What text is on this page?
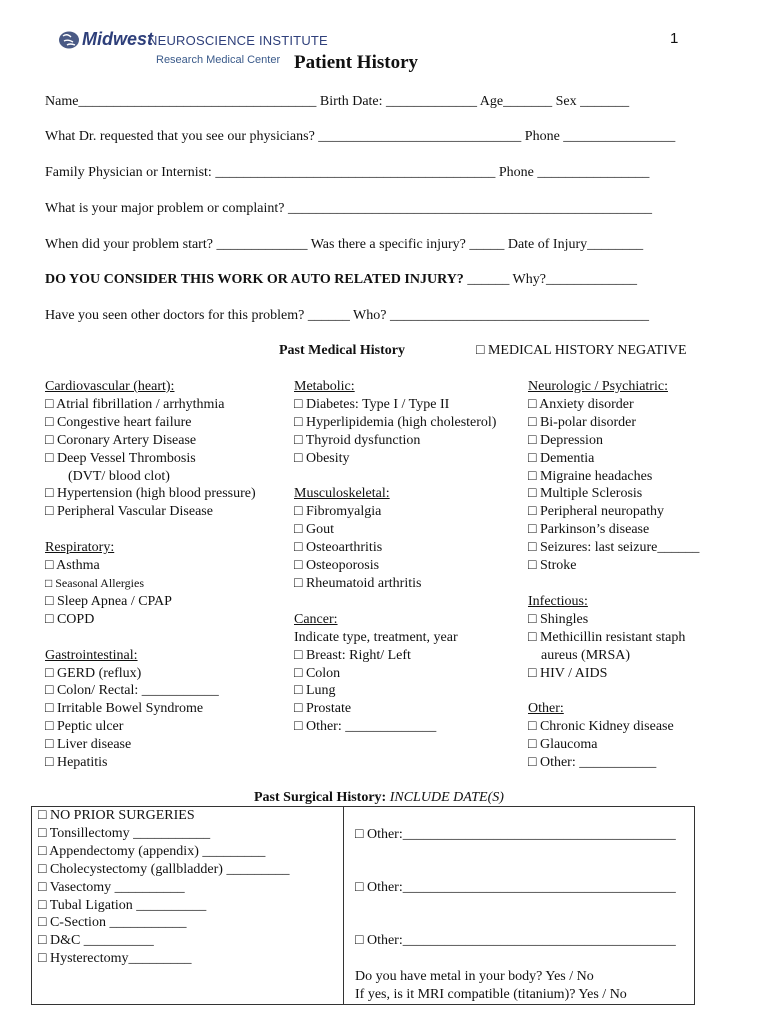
1
Midwest
NEUROSCIENCE INSTITUTE
Research Medical Center Patient History
Name__________________________________ Birth Date: _____________ Age_______ Sex _______
What Dr. requested that you see our physicians? _____________________________ Phone ________________
Family Physician or Internist: ________________________________________ Phone ________________
What is your major problem or complaint? ____________________________________________________
When did your problem start? _____________ Was there a specific injury? _____ Date of Injury________
DO YOU CONSIDER THIS WORK OR AUTO RELATED INJURY? ______ Why?_____________
Have you seen other doctors for this problem? ______ Who? _____________________________________
Past Medical History	□ MEDICAL HISTORY NEGATIVE
Cardiovascular (heart):
□ Atrial fibrillation / arrhythmia
□ Congestive heart failure
□ Coronary Artery Disease
□ Deep Vessel Thrombosis
(DVT/ blood clot)
□ Hypertension (high blood pressure)
□ Peripheral Vascular Disease

Respiratory:
□ Asthma
□ Seasonal Allergies
□ Sleep Apnea / CPAP
□ COPD

Gastrointestinal:
□ GERD (reflux)
□ Colon/ Rectal: ___________
□ Irritable Bowel Syndrome
□ Peptic ulcer
□ Liver disease
□ Hepatitis
Metabolic:
□ Diabetes: Type I / Type II
□ Hyperlipidemia (high cholesterol)
□ Thyroid dysfunction
□ Obesity

Musculoskeletal:
□ Fibromyalgia
□ Gout
□ Osteoarthritis
□ Osteoporosis
□ Rheumatoid arthritis

Cancer:
Indicate type, treatment, year
□ Breast: Right/ Left
□ Colon
□ Lung
□ Prostate
□ Other: _____________
Neurologic / Psychiatric:
□ Anxiety disorder
□ Bi-polar disorder
□ Depression
□ Dementia
□ Migraine headaches
□ Multiple Sclerosis
□ Peripheral neuropathy
□ Parkinson’s disease
□ Seizures: last seizure______
□ Stroke

Infectious:
□ Shingles
□ Methicillin resistant staph
aureus (MRSA)
□ HIV / AIDS

Other:
□ Chronic Kidney disease
□ Glaucoma
□ Other: ___________
Past Surgical History: INCLUDE DATE(S)
□ NO PRIOR SURGERIES
□ Tonsillectomy ___________
□ Appendectomy (appendix) _________
□ Cholecystectomy (gallbladder) _________
□ Vasectomy __________
□ Tubal Ligation __________
□ C-Section ___________
□ D&C __________
□ Hysterectomy_________
□ Other:_______________________________________
□ Other:_______________________________________
□ Other:_______________________________________
Do you have metal in your body? Yes / No
If yes, is it MRI compatible (titanium)? Yes / No
